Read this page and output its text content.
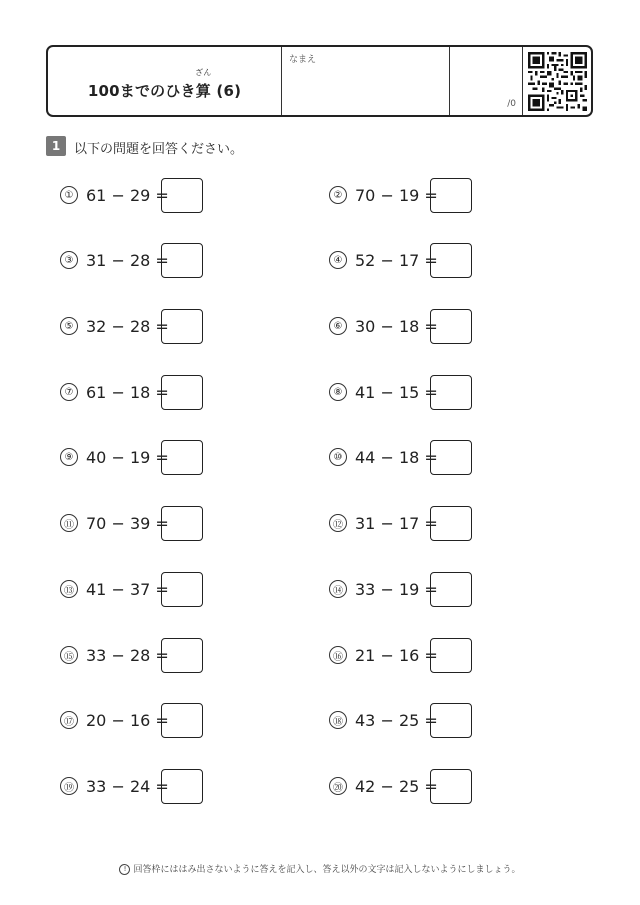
100までのひき
ざん
算 (6)
なまえ
/0
1	以下の問題を回答ください。
① 61 − 29 =	② 70 − 19 =
③ 31 − 28 =	④ 52 − 17 =
⑤ 32 − 28 =	⑥ 30 − 18 =
⑦ 61 − 18 =	⑧ 41 − 15 =
⑨ 40 − 19 =	⑩ 44 − 18 =
⑪ 70 − 39 =	⑫ 31 − 17 =
⑬ 41 − 37 =	⑭ 33 − 19 =
⑮ 33 − 28 =	⑯ 21 − 16 =
⑰ 20 − 16 =	⑱ 43 − 25 =
⑲ 33 − 24 =	⑳ 42 − 25 =
! 回答枠にははみ出さないように答えを記入し、答え以外の文字は記入しないようにしましょう。
